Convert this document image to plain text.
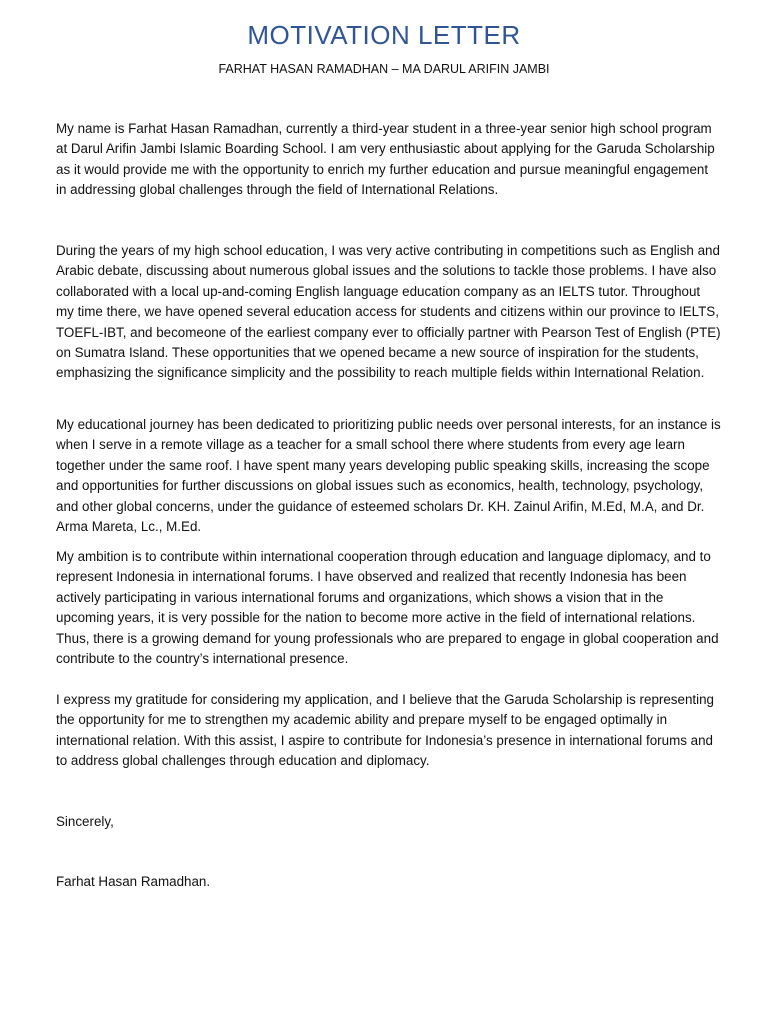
MOTIVATION LETTER
FARHAT HASAN RAMADHAN – MA DARUL ARIFIN JAMBI
My name is Farhat Hasan Ramadhan, currently a third-year student in a three-year senior high school program at Darul Arifin Jambi Islamic Boarding School. I am very enthusiastic about applying for the Garuda Scholarship as it would provide me with the opportunity to enrich my further education and pursue meaningful engagement in addressing global challenges through the field of International Relations.
During the years of my high school education, I was very active contributing in competitions such as English and Arabic debate, discussing about numerous global issues and the solutions to tackle those problems. I have also collaborated with a local up-and-coming English language education company as an IELTS tutor. Throughout my time there, we have opened several education access for students and citizens within our province to IELTS, TOEFL-IBT, and becomeone of the earliest company ever to officially partner with Pearson Test of English (PTE) on Sumatra Island. These opportunities that we opened became a new source of inspiration for the students, emphasizing the significance simplicity and the possibility to reach multiple fields within International Relation.
My educational journey has been dedicated to prioritizing public needs over personal interests, for an instance is when I serve in a remote village as a teacher for a small school there where students from every age learn together under the same roof. I have spent many years developing public speaking skills, increasing the scope and opportunities for further discussions on global issues such as economics, health, technology, psychology, and other global concerns, under the guidance of esteemed scholars Dr. KH. Zainul Arifin, M.Ed, M.A, and Dr. Arma Mareta, Lc., M.Ed.
My ambition is to contribute within international cooperation through education and language diplomacy, and to represent Indonesia in international forums. I have observed and realized that recently Indonesia has been actively participating in various international forums and organizations, which shows a vision that in the upcoming years, it is very possible for the nation to become more active in the field of international relations. Thus, there is a growing demand for young professionals who are prepared to engage in global cooperation and contribute to the country’s international presence.
I express my gratitude for considering my application, and I believe that the Garuda Scholarship is representing the opportunity for me to strengthen my academic ability and prepare myself to be engaged optimally in international relation. With this assist, I aspire to contribute for Indonesia’s presence in international forums and to address global challenges through education and diplomacy.
Sincerely,
Farhat Hasan Ramadhan.
